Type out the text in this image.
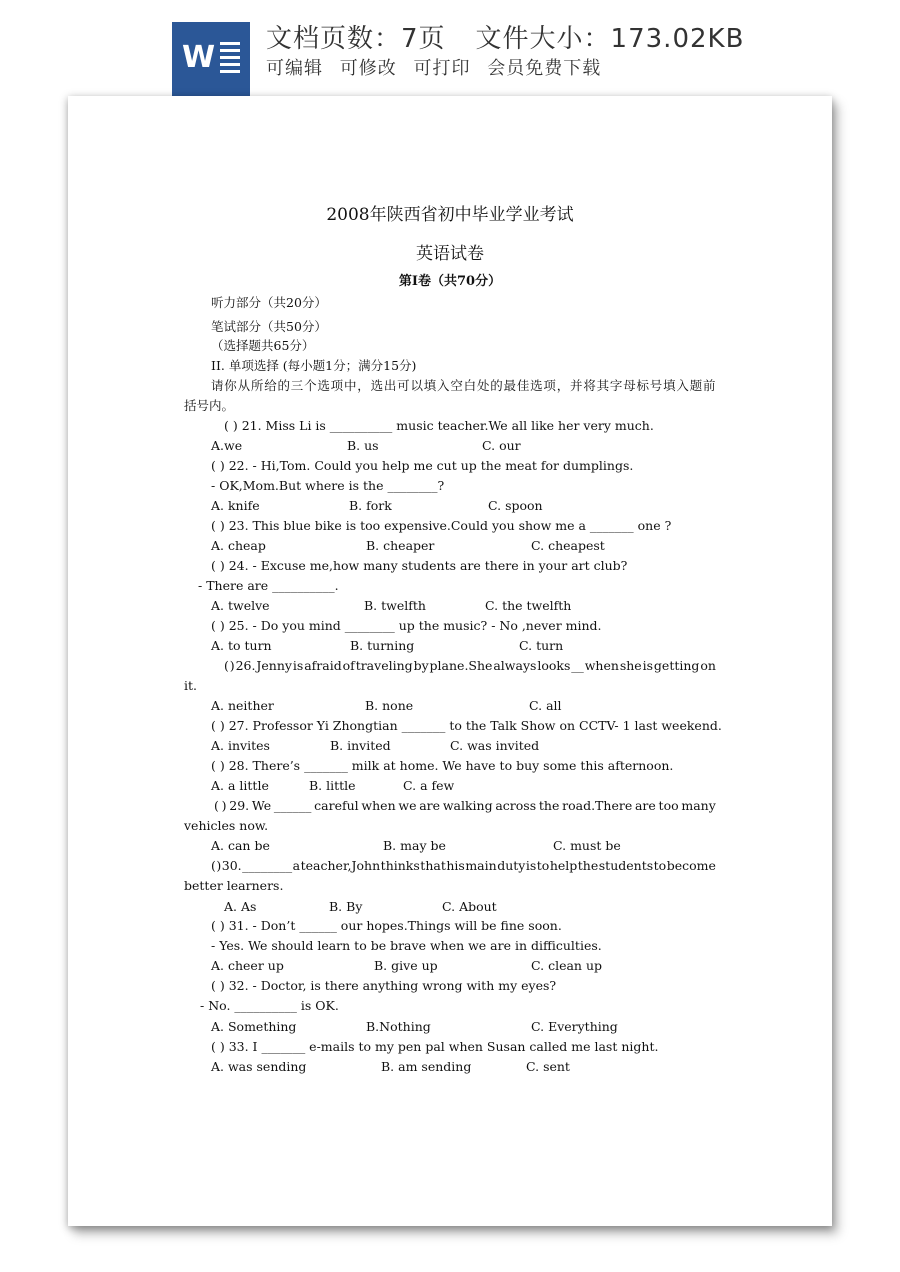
W
文档页数：7页 文件大小：173.02KB
可编辑 可修改 可打印 会员免费下载
2008年陕西省初中毕业学业考试
英语试卷
第Ⅰ卷（共70分）
听力部分（共20分）
笔试部分（共50分）
（选择题共65分）
II. 单项选择 (每小题1分；满分15分)
请 你 从 所 给 的 三 个 选 项 中 ， 选 出 可 以 填 入 空 白 处 的 最 佳 选 项 ， 并 将 其 字 母 标 号 填 入 题 前
括号内。
( ) 21. Miss Li is __________ music teacher.We all like her very much.
A.we	B. us	C. our
( ) 22. - Hi,Tom. Could you help me cut up the meat for dumplings.
- OK,Mom.But where is the ________?
A. knife	B. fork	C. spoon
( ) 23. This blue bike is too expensive.Could you show me a _______ one ?
A. cheap	B. cheaper	C. cheapest
( ) 24. - Excuse me,how many students are there in your art club?
- There are __________.
A. twelve	B. twelfth	C. the twelfth
( ) 25. - Do you mind ________ up the music? - No ,never mind.
A. to turn	B. turning	C. turn
( ) 26. Jenny is afraid of traveling by plane.She always looks __ when she is getting on
it.
A. neither	B. none	C. all
( ) 27. Professor Yi Zhongtian _______ to the Talk Show on CCTV- 1 last weekend.
A. invites	B. invited	C. was invited
( ) 28. There’s _______ milk at home. We have to buy some this afternoon.
A. a little	B. little	C. a few
( ) 29. We ______ careful when we are walking across the road.There are too many
vehicles now.
A. can be	B. may be	C. must be
( ) 30. ________ a teacher,John thinks that his main duty is to help the students to become
better learners.
A. As	B. By	C. About
( ) 31. - Don’t ______ our hopes.Things will be fine soon.
- Yes. We should learn to be brave when we are in difficulties.
A. cheer up	B. give up	C. clean up
( ) 32. - Doctor, is there anything wrong with my eyes?
- No. __________ is OK.
A. Something	B.Nothing	C. Everything
( ) 33. I _______ e-mails to my pen pal when Susan called me last night.
A. was sending	B. am sending	C. sent
